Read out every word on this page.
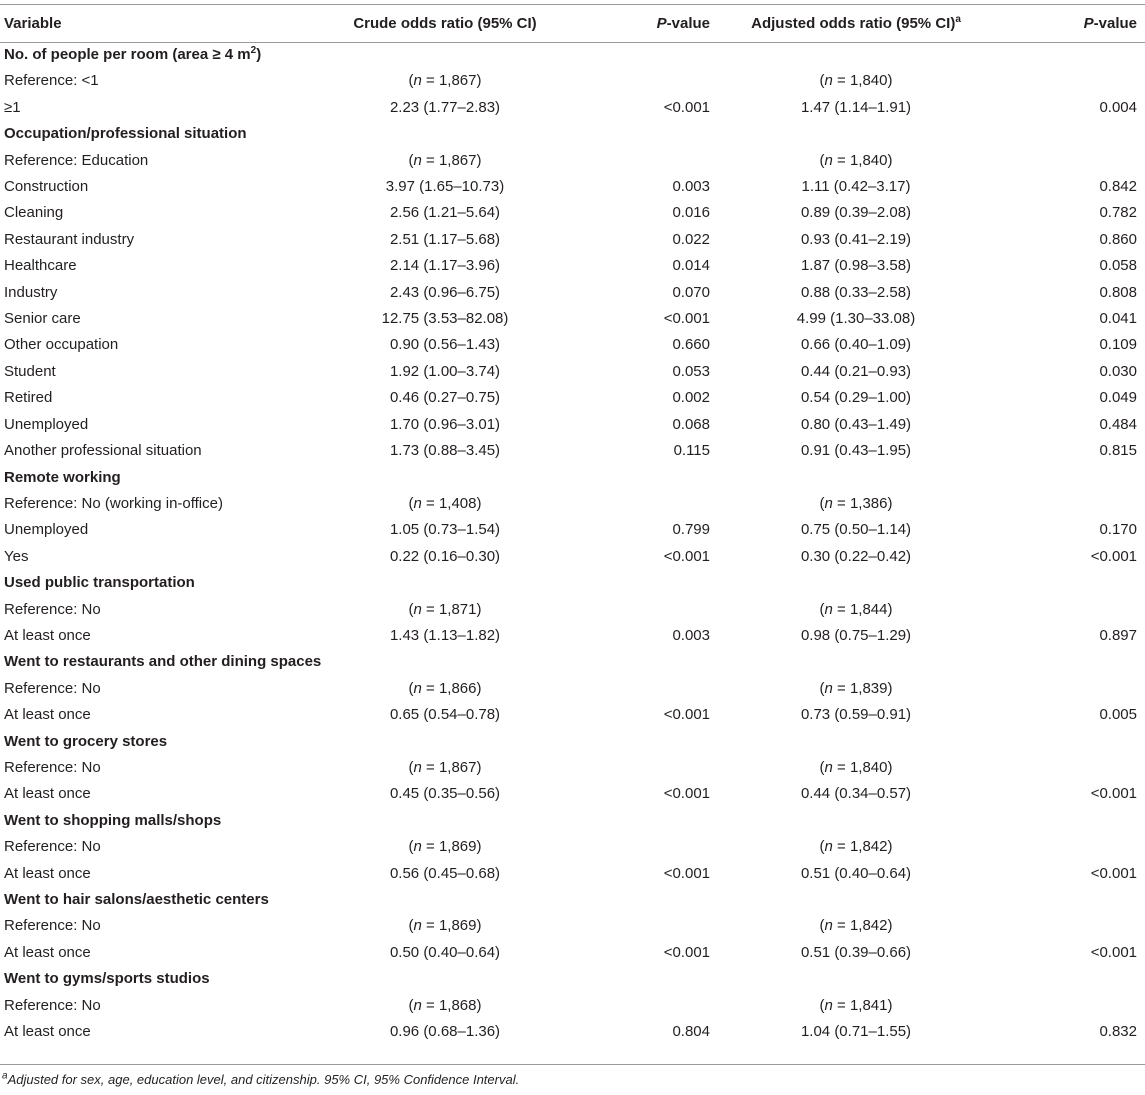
Variable	Crude odds ratio (95% CI)	P-value	Adjusted odds ratio (95% CI)$^a$	P-value
No. of people per room (area ≥ 4 $m^2$)				
Reference: <1	(n = 1,867)		(n = 1,840)	
≥1	2.23 (1.77–2.83)	<0.001	1.47 (1.14–1.91)	0.004
Occupation/professional situation				
Reference: Education	(n = 1,867)		(n = 1,840)	
Construction	3.97 (1.65–10.73)	0.003	1.11 (0.42–3.17)	0.842
Cleaning	2.56 (1.21–5.64)	0.016	0.89 (0.39–2.08)	0.782
Restaurant industry	2.51 (1.17–5.68)	0.022	0.93 (0.41–2.19)	0.860
Healthcare	2.14 (1.17–3.96)	0.014	1.87 (0.98–3.58)	0.058
Industry	2.43 (0.96–6.75)	0.070	0.88 (0.33–2.58)	0.808
Senior care	12.75 (3.53–82.08)	<0.001	4.99 (1.30–33.08)	0.041
Other occupation	0.90 (0.56–1.43)	0.660	0.66 (0.40–1.09)	0.109
Student	1.92 (1.00–3.74)	0.053	0.44 (0.21–0.93)	0.030
Retired	0.46 (0.27–0.75)	0.002	0.54 (0.29–1.00)	0.049
Unemployed	1.70 (0.96–3.01)	0.068	0.80 (0.43–1.49)	0.484
Another professional situation	1.73 (0.88–3.45)	0.115	0.91 (0.43–1.95)	0.815
Remote working				
Reference: No (working in-office)	(n = 1,408)		(n = 1,386)	
Unemployed	1.05 (0.73–1.54)	0.799	0.75 (0.50–1.14)	0.170
Yes	0.22 (0.16–0.30)	<0.001	0.30 (0.22–0.42)	<0.001
Used public transportation				
Reference: No	(n = 1,871)		(n = 1,844)	
At least once	1.43 (1.13–1.82)	0.003	0.98 (0.75–1.29)	0.897
Went to restaurants and other dining spaces				
Reference: No	(n = 1,866)		(n = 1,839)	
At least once	0.65 (0.54–0.78)	<0.001	0.73 (0.59–0.91)	0.005
Went to grocery stores				
Reference: No	(n = 1,867)		(n = 1,840)	
At least once	0.45 (0.35–0.56)	<0.001	0.44 (0.34–0.57)	<0.001
Went to shopping malls/shops				
Reference: No	(n = 1,869)		(n = 1,842)	
At least once	0.56 (0.45–0.68)	<0.001	0.51 (0.40–0.64)	<0.001
Went to hair salons/aesthetic centers				
Reference: No	(n = 1,869)		(n = 1,842)	
At least once	0.50 (0.40–0.64)	<0.001	0.51 (0.39–0.66)	<0.001
Went to gyms/sports studios				
Reference: No	(n = 1,868)		(n = 1,841)	
At least once	0.96 (0.68–1.36)	0.804	1.04 (0.71–1.55)	0.832
$^a$Adjusted for sex, age, education level, and citizenship. 95% CI, 95% Confidence Interval.
